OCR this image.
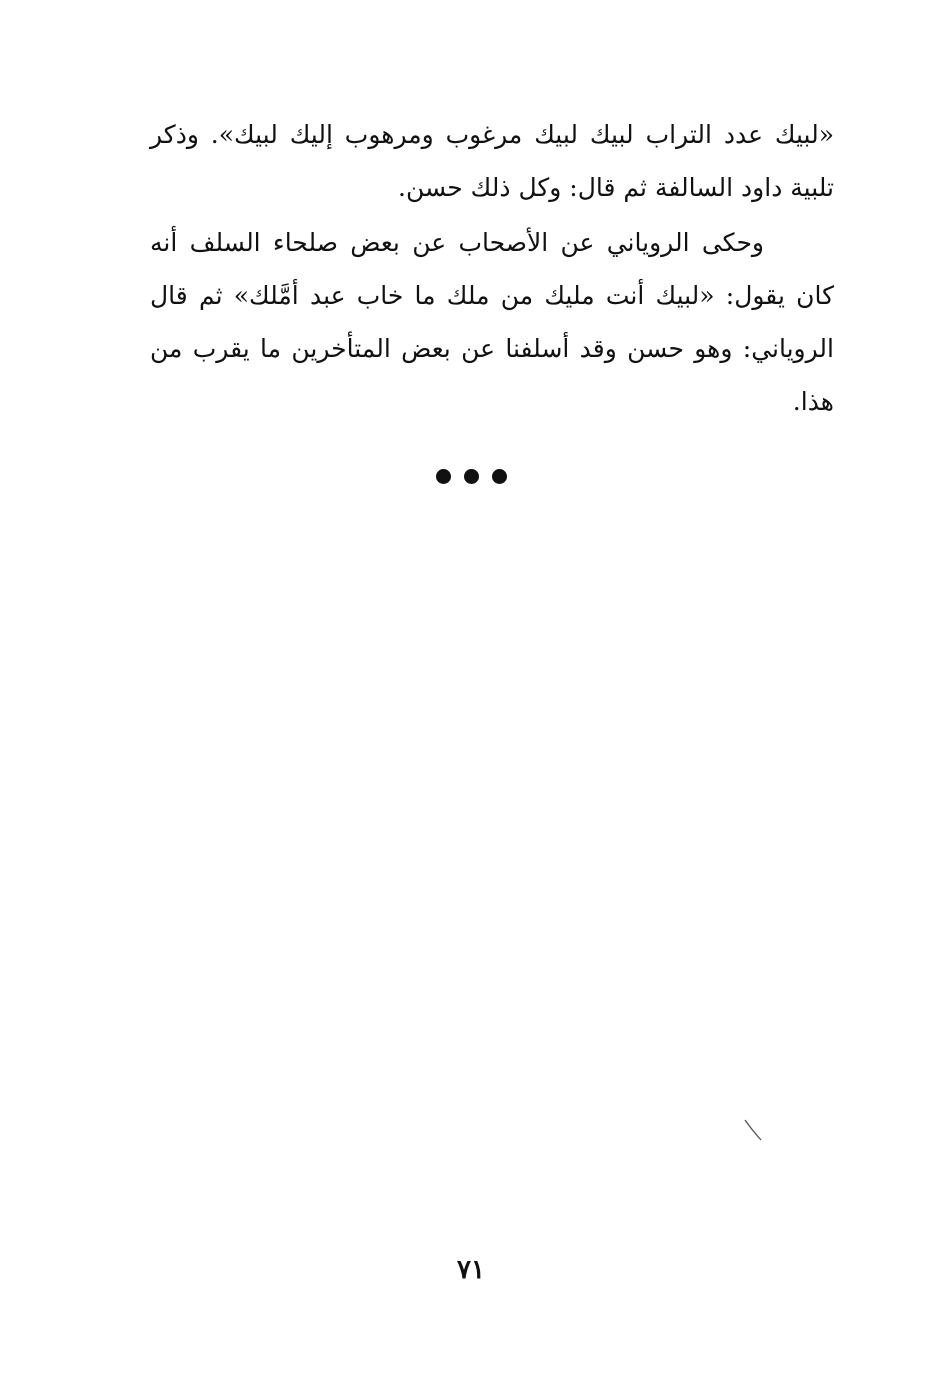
«لبيك عدد التراب لبيك لبيك مرغوب ومرهوب إليك لبيك». وذكر تلبية داود السالفة ثم قال: وكل ذلك حسن.

وحكى الروياني عن الأصحاب عن بعض صلحاء السلف أنه كان يقول: «لبيك أنت مليك من ملك ما خاب عبد أمَّلك» ثم قال الروياني: وهو حسن وقد أسلفنا عن بعض المتأخرين ما يقرب من هذا.

٧١
